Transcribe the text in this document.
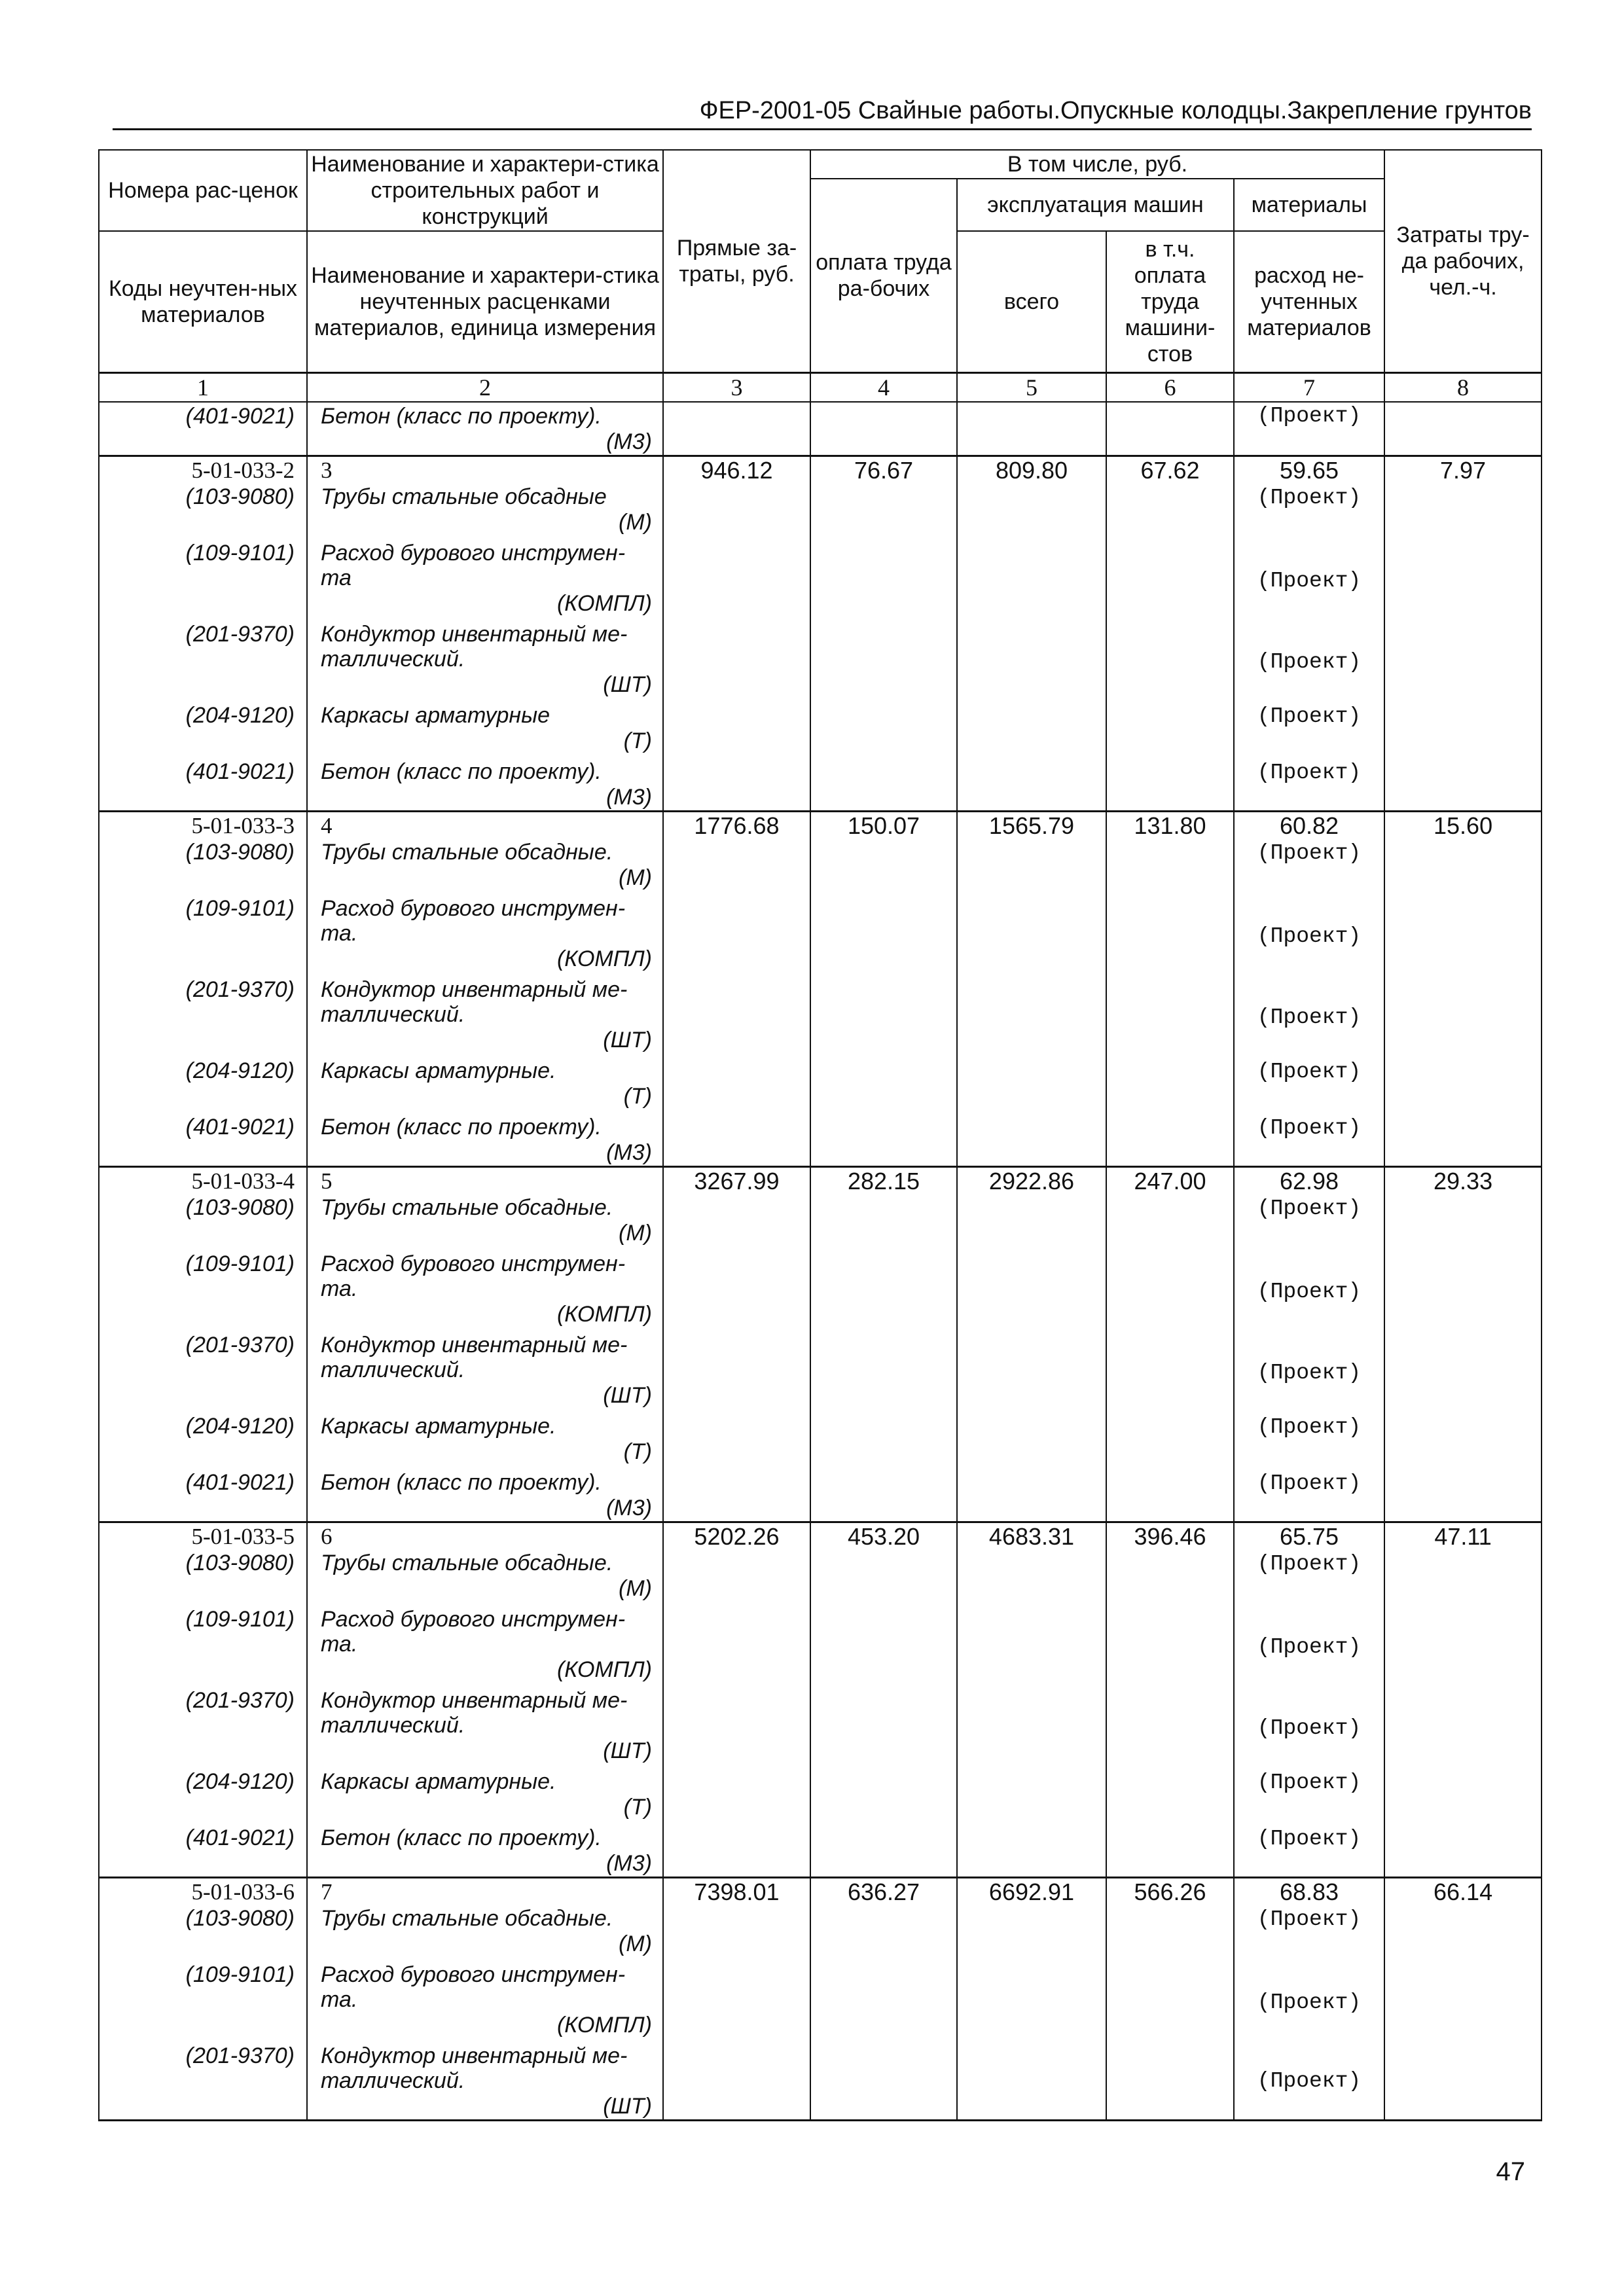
ФЕР-2001-05 Свайные работы.Опускные колодцы.Закрепление грунтов
Номера рас-ценок	Наименование и характери-стика строительных работ и конструкций	Прямые за-траты, руб.	В том числе, руб.				Затраты тру-да рабочих, чел.-ч.
			оплата труда ра-бочих	эксплуатация машин		материалы	
Коды неучтен-ных материалов	Наименование и характери-стика неучтенных расценками материалов, единица измерения			всего	в т.ч. оплата труда машини-стов	расход не-учтенных материалов	

1	2	3	4	5	6	7	8

(401-9021)	Бетон (класс по проекту).
(М3)					(Проект)	

5-01-033-2	3	946.12	76.67	809.80	67.62	59.65	7.97

(103-9080)	Трубы стальные обсадные
(М)					(Проект)	

(109-9101)	Расход бурового инструмен-
та
(КОМПЛ)					(Проект)	

(201-9370)	Кондуктор инвентарный ме-
таллический.
(ШТ)					(Проект)	

(204-9120)	Каркасы арматурные
(Т)					(Проект)	

(401-9021)	Бетон (класс по проекту).
(М3)					(Проект)	

5-01-033-3	4	1776.68	150.07	1565.79	131.80	60.82	15.60

(103-9080)	Трубы стальные обсадные.
(М)					(Проект)	

(109-9101)	Расход бурового инструмен-
та.
(КОМПЛ)					(Проект)	

(201-9370)	Кондуктор инвентарный ме-
таллический.
(ШТ)					(Проект)	

(204-9120)	Каркасы арматурные.
(Т)					(Проект)	

(401-9021)	Бетон (класс по проекту).
(М3)					(Проект)	

5-01-033-4	5	3267.99	282.15	2922.86	247.00	62.98	29.33

(103-9080)	Трубы стальные обсадные.
(М)					(Проект)	

(109-9101)	Расход бурового инструмен-
та.
(КОМПЛ)					(Проект)	

(201-9370)	Кондуктор инвентарный ме-
таллический.
(ШТ)					(Проект)	

(204-9120)	Каркасы арматурные.
(Т)					(Проект)	

(401-9021)	Бетон (класс по проекту).
(М3)					(Проект)	

5-01-033-5	6	5202.26	453.20	4683.31	396.46	65.75	47.11

(103-9080)	Трубы стальные обсадные.
(М)					(Проект)	

(109-9101)	Расход бурового инструмен-
та.
(КОМПЛ)					(Проект)	

(201-9370)	Кондуктор инвентарный ме-
таллический.
(ШТ)					(Проект)	

(204-9120)	Каркасы арматурные.
(Т)					(Проект)	

(401-9021)	Бетон (класс по проекту).
(М3)					(Проект)	

5-01-033-6	7	7398.01	636.27	6692.91	566.26	68.83	66.14

(103-9080)	Трубы стальные обсадные.
(М)					(Проект)	

(109-9101)	Расход бурового инструмен-
та.
(КОМПЛ)					(Проект)	

(201-9370)	Кондуктор инвентарный ме-
таллический.
(ШТ)					(Проект)	

47
